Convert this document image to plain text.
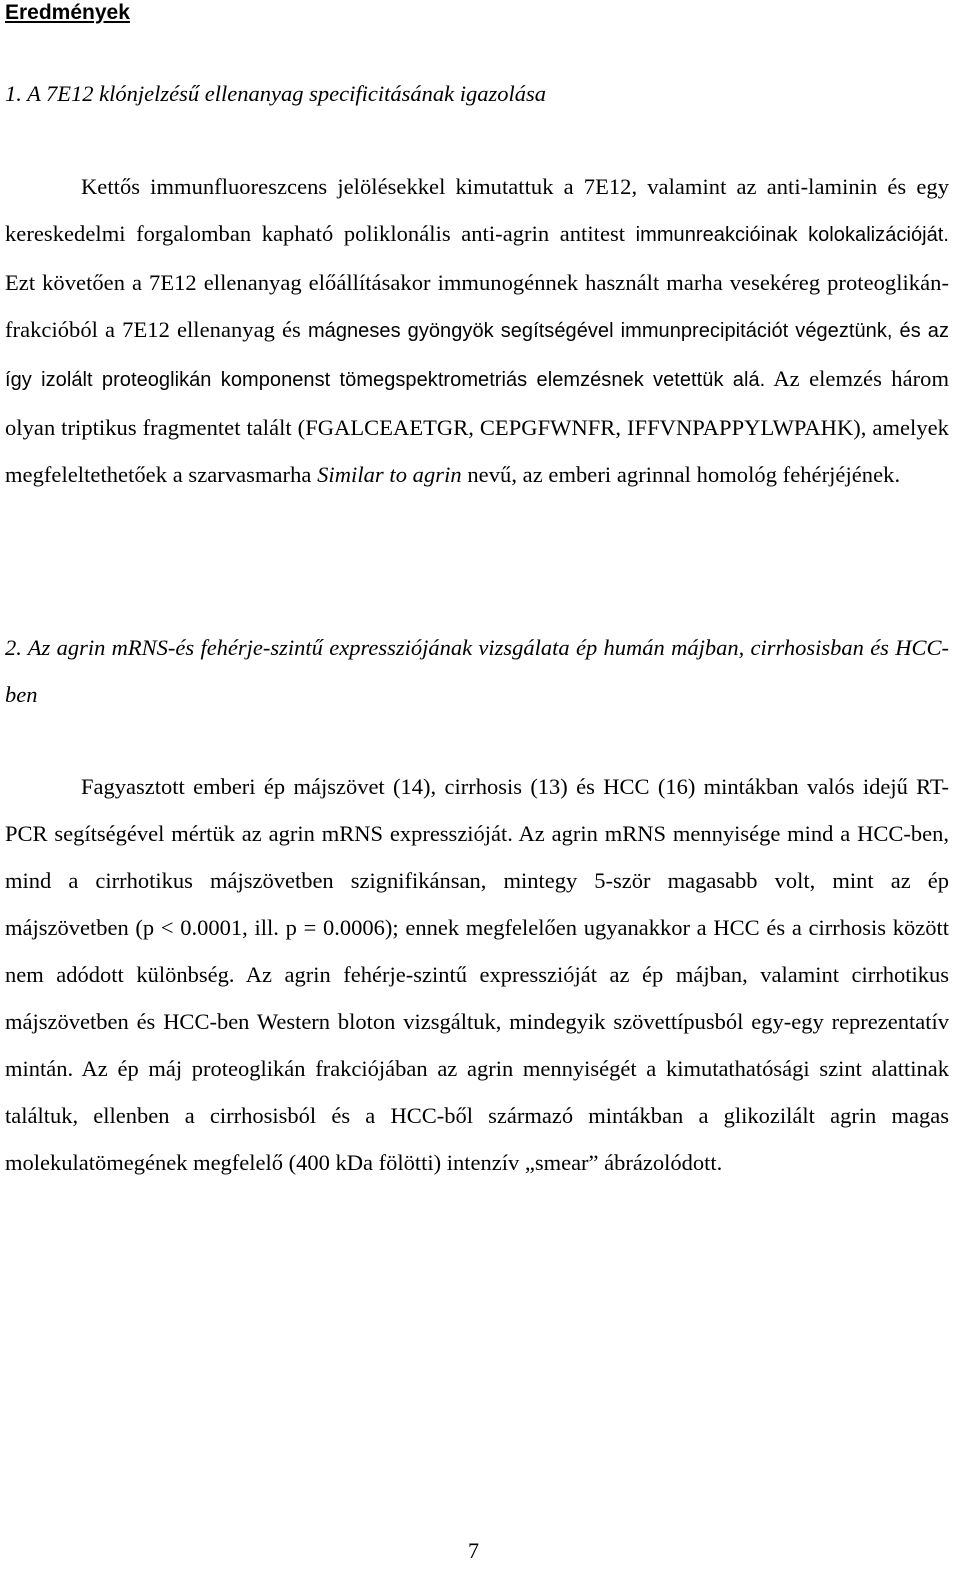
Eredmények

1. A 7E12 klónjelzésű ellenanyag specificitásának igazolása

Kettős immunfluoreszcens jelölésekkel kimutattuk a 7E12, valamint az anti-laminin és egy kereskedelmi forgalomban kapható poliklonális anti-agrin antitest immunreakcióinak kolokalizációját. Ezt követően a 7E12 ellenanyag előállításakor immunogénnek használt marha vesekéreg proteoglikán-frakcióból a 7E12 ellenanyag és mágneses gyöngyök segítségével immunprecipitációt végeztünk, és az így izolált proteoglikán komponenst tömegspektrometriás elemzésnek vetettük alá. Az elemzés három olyan triptikus fragmentet talált (FGALCEAETGR, CEPGFWNFR, IFFVNPAPPYLWPAHK), amelyek megfeleltethetőek a szarvasmarha Similar to agrin nevű, az emberi agrinnal homológ fehérjéjének.

2. Az agrin mRNS-és fehérje-szintű expressziójának vizsgálata ép humán májban, cirrhosisban és HCC-ben

Fagyasztott emberi ép májszövet (14), cirrhosis (13) és HCC (16) mintákban valós idejű RT-PCR segítségével mértük az agrin mRNS expresszióját. Az agrin mRNS mennyisége mind a HCC-ben, mind a cirrhotikus májszövetben szignifikánsan, mintegy 5-ször magasabb volt, mint az ép májszövetben (p < 0.0001, ill. p = 0.0006); ennek megfelelően ugyanakkor a HCC és a cirrhosis között nem adódott különbség. Az agrin fehérje-szintű expresszióját az ép májban, valamint cirrhotikus májszövetben és HCC-ben Western bloton vizsgáltuk, mindegyik szövettípusból egy-egy reprezentatív mintán. Az ép máj proteoglikán frakciójában az agrin mennyiségét a kimutathatósági szint alattinak találtuk, ellenben a cirrhosisból és a HCC-ből származó mintákban a glikozilált agrin magas molekulatömegének megfelelő (400 kDa fölötti) intenzív „smear” ábrázolódott.

7
